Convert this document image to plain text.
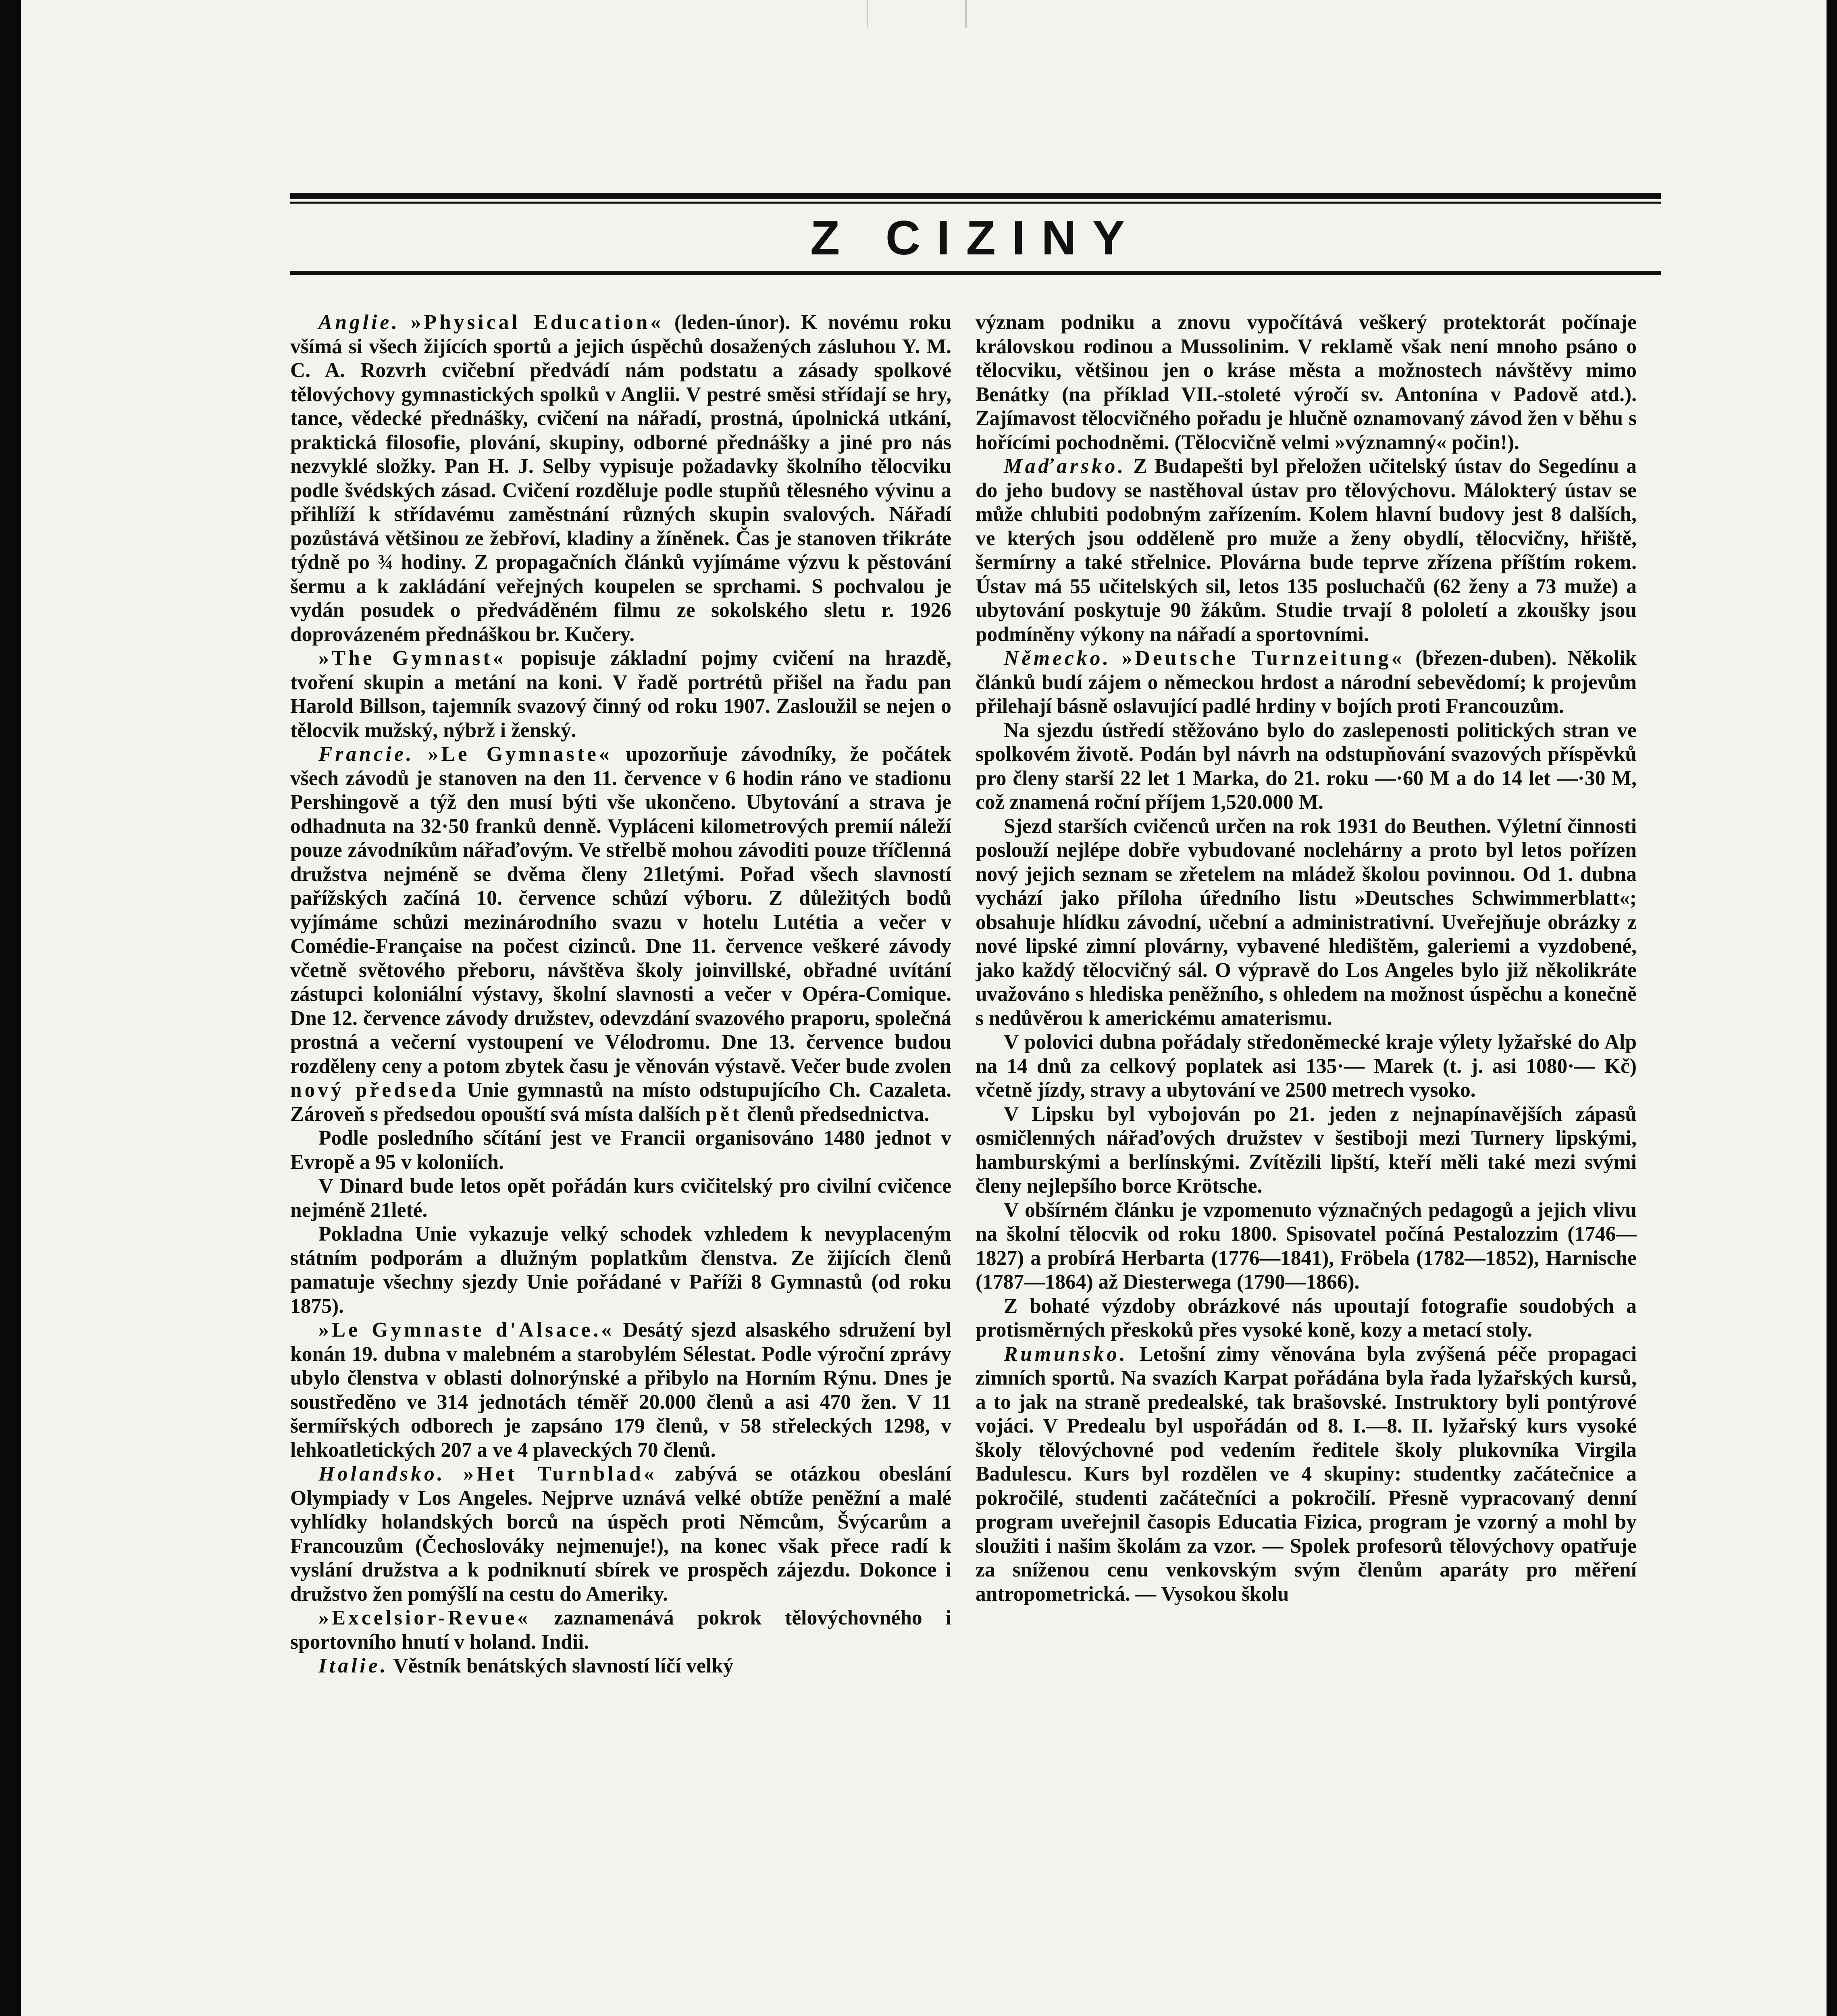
Z CIZINY

Anglie. »Physical Education« (leden-únor). K novému roku všímá si všech žijících sportů a jejich úspěchů dosažených zásluhou Y. M. C. A. Rozvrh cvičební předvádí nám podstatu a zásady spolkové tělovýchovy gymnastických spolků v Anglii. V pestré směsi střídají se hry, tance, vědecké přednášky, cvičení na nářadí, prostná, úpolnická utkání, praktická filosofie, plování, skupiny, odborné přednášky a jiné pro nás nezvyklé složky. Pan H. J. Selby vypisuje požadavky školního tělocviku podle švédských zásad. Cvičení rozděluje podle stupňů tělesného vývinu a přihlíží k střídavému zaměstnání různých skupin svalových. Nářadí pozůstává většinou ze žebřoví, kladiny a žíněnek. Čas je stanoven třikráte týdně po ¾ hodiny. Z propagačních článků vyjímáme výzvu k pěstování šermu a k zakládání veřejných koupelen se sprchami. S pochvalou je vydán posudek o předváděném filmu ze sokolského sletu r. 1926 doprovázeném přednáškou br. Kučery.

»The Gymnast« popisuje základní pojmy cvičení na hrazdě, tvoření skupin a metání na koni. V řadě portrétů přišel na řadu pan Harold Billson, tajemník svazový činný od roku 1907. Zasloužil se nejen o tělocvik mužský, nýbrž i ženský.

Francie. »Le Gymnaste« upozorňuje závodníky, že počátek všech závodů je stanoven na den 11. července v 6 hodin ráno ve stadionu Pershingově a týž den musí býti vše ukončeno. Ubytování a strava je odhadnuta na 32·50 franků denně. Vypláceni kilometrových premií náleží pouze závodníkům nářaďovým. Ve střelbě mohou závoditi pouze tříčlenná družstva nejméně se dvěma členy 21letými. Pořad všech slavností pařížských začíná 10. července schůzí výboru. Z důležitých bodů vyjímáme schůzi mezinárodního svazu v hotelu Lutétia a večer v Comédie-Française na počest cizinců. Dne 11. července veškeré závody včetně světového přeboru, návštěva školy joinvillské, obřadné uvítání zástupci koloniální výstavy, školní slavnosti a večer v Opéra-Comique. Dne 12. července závody družstev, odevzdání svazového praporu, společná prostná a večerní vystoupení ve Vélodromu. Dne 13. července budou rozděleny ceny a potom zbytek času je věnován výstavě. Večer bude zvolen nový předseda Unie gymnastů na místo odstupujícího Ch. Cazaleta. Zároveň s předsedou opouští svá místa dalších pět členů předsednictva.

Podle posledního sčítání jest ve Francii organisováno 1480 jednot v Evropě a 95 v koloniích.

V Dinard bude letos opět pořádán kurs cvičitelský pro civilní cvičence nejméně 21leté.

Pokladna Unie vykazuje velký schodek vzhledem k nevyplaceným státním podporám a dlužným poplatkům členstva. Ze žijících členů pamatuje všechny sjezdy Unie pořádané v Paříži 8 Gymnastů (od roku 1875).

»Le Gymnaste d'Alsace.« Desátý sjezd alsaského sdružení byl konán 19. dubna v malebném a starobylém Sélestat. Podle výroční zprávy ubylo členstva v oblasti dolnorýnské a přibylo na Horním Rýnu. Dnes je soustředěno ve 314 jednotách téměř 20.000 členů a asi 470 žen. V 11 šermířských odborech je zapsáno 179 členů, v 58 střeleckých 1298, v lehkoatletických 207 a ve 4 plaveckých 70 členů.

Holandsko. »Het Turnblad« zabývá se otázkou obeslání Olympiady v Los Angeles. Nejprve uznává velké obtíže peněžní a malé vyhlídky holandských borců na úspěch proti Němcům, Švýcarům a Francouzům (Čechoslováky nejmenuje!), na konec však přece radí k vyslání družstva a k podniknutí sbírek ve prospěch zájezdu. Dokonce i družstvo žen pomýšlí na cestu do Ameriky.

»Excelsior-Revue« zaznamenává pokrok tělovýchovného i sportovního hnutí v holand. Indii.

Italie. Věstník benátských slavností líčí velký

význam podniku a znovu vypočítává veškerý protektorát počínaje královskou rodinou a Mussolinim. V reklamě však není mnoho psáno o tělocviku, většinou jen o kráse města a možnostech návštěvy mimo Benátky (na příklad VII.-stoleté výročí sv. Antonína v Padově atd.). Zajímavost tělocvičného pořadu je hlučně oznamovaný závod žen v běhu s hořícími pochodněmi. (Tělocvičně velmi »významný« počin!).

Maďarsko. Z Budapešti byl přeložen učitelský ústav do Segedínu a do jeho budovy se nastěhoval ústav pro tělovýchovu. Málokterý ústav se může chlubiti podobným zařízením. Kolem hlavní budovy jest 8 dalších, ve kterých jsou odděleně pro muže a ženy obydlí, tělocvičny, hřiště, šermírny a také střelnice. Plovárna bude teprve zřízena příštím rokem. Ústav má 55 učitelských sil, letos 135 posluchačů (62 ženy a 73 muže) a ubytování poskytuje 90 žákům. Studie trvají 8 pololetí a zkoušky jsou podmíněny výkony na nářadí a sportovními.

Německo. »Deutsche Turnzeitung« (březen-duben). Několik článků budí zájem o německou hrdost a národní sebevědomí; k projevům přilehají básně oslavující padlé hrdiny v bojích proti Francouzům.

Na sjezdu ústředí stěžováno bylo do zaslepenosti politických stran ve spolkovém životě. Podán byl návrh na odstupňování svazových příspěvků pro členy starší 22 let 1 Marka, do 21. roku —·60 M a do 14 let —·30 M, což znamená roční příjem 1,520.000 M.

Sjezd starších cvičenců určen na rok 1931 do Beuthen. Výletní činnosti poslouží nejlépe dobře vybudované noclehárny a proto byl letos pořízen nový jejich seznam se zřetelem na mládež školou povinnou. Od 1. dubna vychází jako příloha úředního listu »Deutsches Schwimmerblatt«; obsahuje hlídku závodní, učební a administrativní. Uveřejňuje obrázky z nové lipské zimní plovárny, vybavené hledištěm, galeriemi a vyzdobené, jako každý tělocvičný sál. O výpravě do Los Angeles bylo již několikráte uvažováno s hlediska peněžního, s ohledem na možnost úspěchu a konečně s nedůvěrou k americkému amaterismu.

V polovici dubna pořádaly středoněmecké kraje výlety lyžařské do Alp na 14 dnů za celkový poplatek asi 135·— Marek (t. j. asi 1080·— Kč) včetně jízdy, stravy a ubytování ve 2500 metrech vysoko.

V Lipsku byl vybojován po 21. jeden z nejnapínavějších zápasů osmičlenných nářaďových družstev v šestiboji mezi Turnery lipskými, hamburskými a berlínskými. Zvítězili lipští, kteří měli také mezi svými členy nejlepšího borce Krötsche.

V obšírném článku je vzpomenuto význačných pedagogů a jejich vlivu na školní tělocvik od roku 1800. Spisovatel počíná Pestalozzim (1746—1827) a probírá Herbarta (1776—1841), Fröbela (1782—1852), Harnische (1787—1864) až Diesterwega (1790—1866).

Z bohaté výzdoby obrázkové nás upoutají fotografie soudobých a protisměrných přeskoků přes vysoké koně, kozy a metací stoly.

Rumunsko. Letošní zimy věnována byla zvýšená péče propagaci zimních sportů. Na svazích Karpat pořádána byla řada lyžařských kursů, a to jak na straně predealské, tak brašovské. Instruktory byli pontýrové vojáci. V Predealu byl uspořádán od 8. I.—8. II. lyžařský kurs vysoké školy tělovýchovné pod vedením ředitele školy plukovníka Virgila Badulescu. Kurs byl rozdělen ve 4 skupiny: studentky začátečnice a pokročilé, studenti začátečníci a pokročilí. Přesně vypracovaný denní program uveřejnil časopis Educatia Fizica, program je vzorný a mohl by sloužiti i našim školám za vzor. — Spolek profesorů tělovýchovy opatřuje za sníženou cenu venkovským svým členům aparáty pro měření antropometrická. — Vysokou školu
